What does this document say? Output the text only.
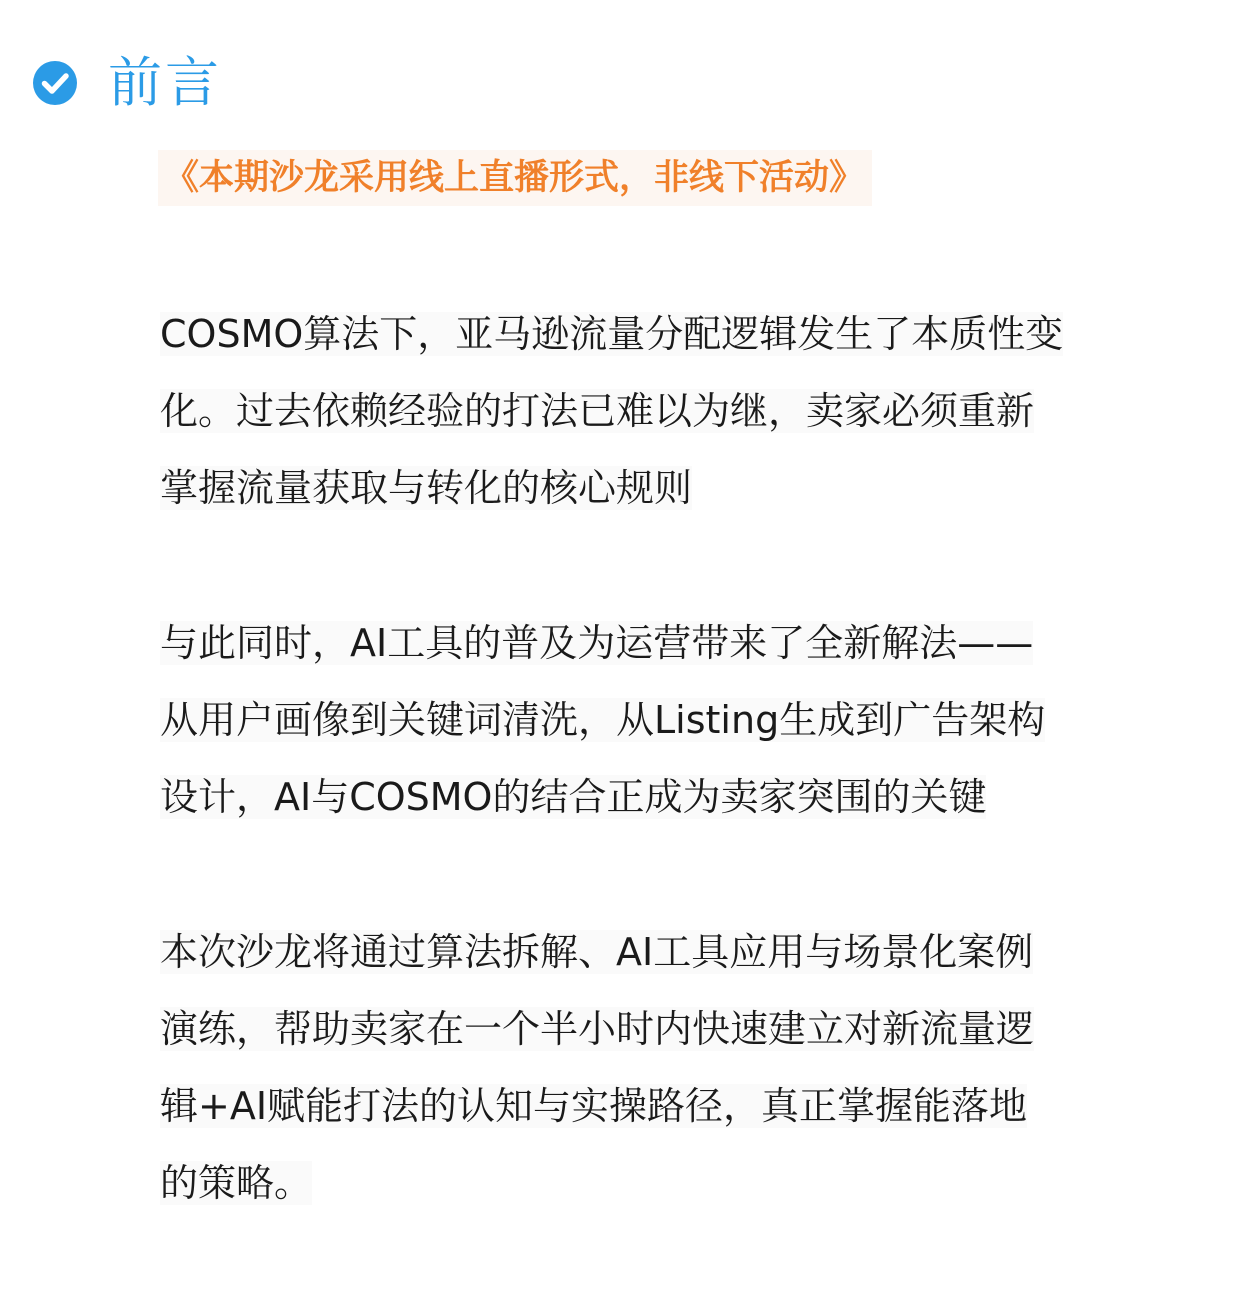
前言
《本期沙龙采用线上直播形式，非线下活动》

COSMO算法下，亚马逊流量分配逻辑发生了本质性变
化。过去依赖经验的打法已难以为继，卖家必须重新
掌握流量获取与转化的核心规则

与此同时，AI工具的普及为运营带来了全新解法——
从用户画像到关键词清洗，从Listing生成到广告架构
设计，AI与COSMO的结合正成为卖家突围的关键

本次沙龙将通过算法拆解、AI工具应用与场景化案例
演练，帮助卖家在一个半小时内快速建立对新流量逻
辑+AI赋能打法的认知与实操路径，真正掌握能落地
的策略。
